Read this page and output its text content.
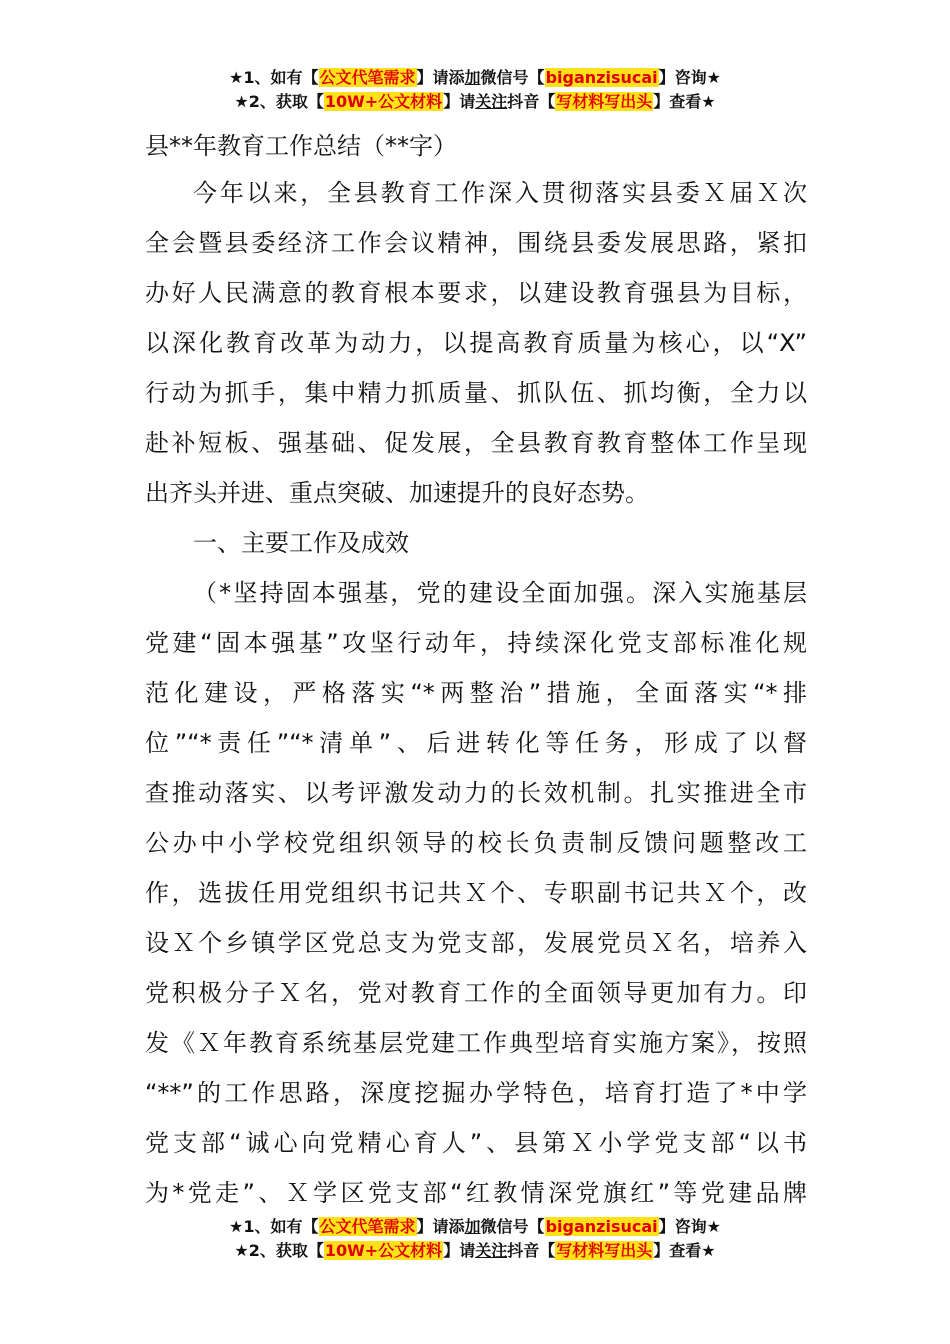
★1、如有【公文代笔需求】请添加微信号【biganzisucai】咨询★
★2、获取【10W+公文材料】请关注抖音【写材料写出头】查看★
县**年教育工作总结（**字）
今年以来，全县教育工作深入贯彻落实县委Ｘ届Ｘ次
全会暨县委经济工作会议精神，围绕县委发展思路，紧扣
办好人民满意的教育根本要求，以建设教育强县为目标，
以深化教育改革为动力，以提高教育质量为核心，以“X”
行动为抓手，集中精力抓质量、抓队伍、抓均衡，全力以
赴补短板、强基础、促发展，全县教育教育整体工作呈现
出齐头并进、重点突破、加速提升的良好态势。
一、主要工作及成效
（*坚持固本强基，党的建设全面加强。深入实施基层
党建“固本强基”攻坚行动年，持续深化党支部标准化规
范化建设，严格落实“*两整治”措施，全面落实“*排
位”“*责任”“*清单”、后进转化等任务，形成了以督
查推动落实、以考评激发动力的长效机制。扎实推进全市
公办中小学校党组织领导的校长负责制反馈问题整改工
作，选拔任用党组织书记共Ｘ个、专职副书记共Ｘ个，改
设Ｘ个乡镇学区党总支为党支部，发展党员Ｘ名，培养入
党积极分子Ｘ名，党对教育工作的全面领导更加有力。印
发《Ｘ年教育系统基层党建工作典型培育实施方案》，按照
“**”的工作思路，深度挖掘办学特色，培育打造了*中学
党支部“诚心向党精心育人”、县第Ｘ小学党支部“以书
为*党走”、Ｘ学区党支部“红教情深党旗红”等党建品牌
★1、如有【公文代笔需求】请添加微信号【biganzisucai】咨询★
★2、获取【10W+公文材料】请关注抖音【写材料写出头】查看★
